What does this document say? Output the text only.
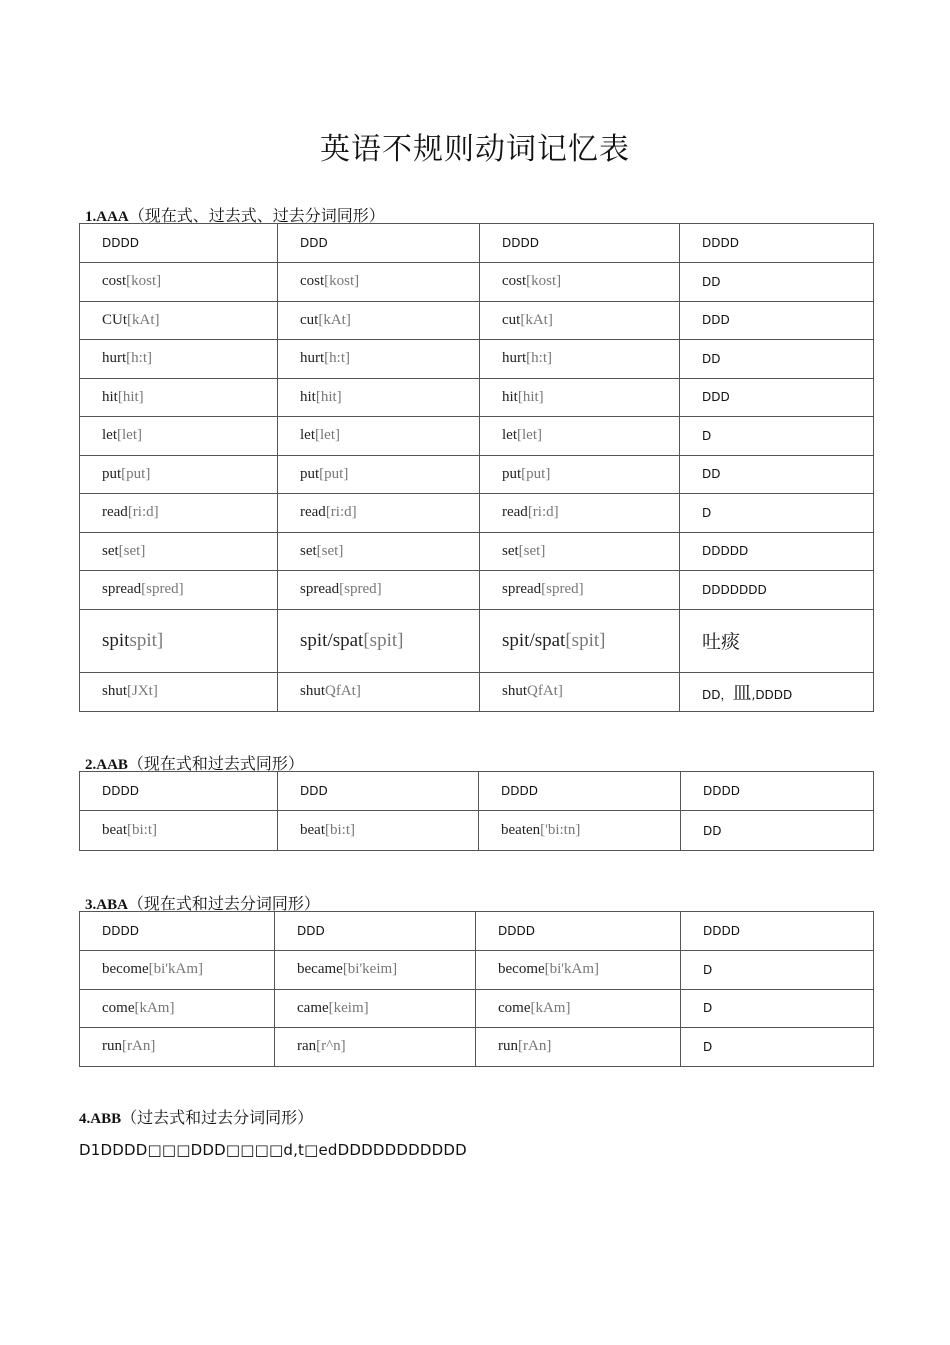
英语不规则动词记忆表
1.AAA（现在式、过去式、过去分词同形）
DDDD	DDD	DDDD	DDDD
cost[kost]	cost[kost]	cost[kost]	DD
CUt[kAt]	cut[kAt]	cut[kAt]	DDD
hurt[h:t]	hurt[h:t]	hurt[h:t]	DD
hit[hit]	hit[hit]	hit[hit]	DDD
let[let]	let[let]	let[let]	D
put[put]	put[put]	put[put]	DD
read[ri:d]	read[ri:d]	read[ri:d]	D
set[set]	set[set]	set[set]	DDDDD
spread[spred]	spread[spred]	spread[spred]	DDDDDDD
spitspit]	spit/spat[spit]	spit/spat[spit]	吐痰
shut[JXt]	shutQfAt]	shutQfAt]	DD，皿,DDDD
2.AAB（现在式和过去式同形）
DDDD	DDD	DDDD	DDDD
beat[bi:t]	beat[bi:t]	beaten['bi:tn]	DD
3.ABA（现在式和过去分词同形）
DDDD	DDD	DDDD	DDDD
become[bi'kAm]	became[bi'keim]	become[bi'kAm]	D
come[kAm]	came[keim]	come[kAm]	D
run[rAn]	ran[r^n]	run[rAn]	D
4.ABB（过去式和过去分词同形）
D1DDDD□□□DDD□□□□d,t□edDDDDDDDDDDD
